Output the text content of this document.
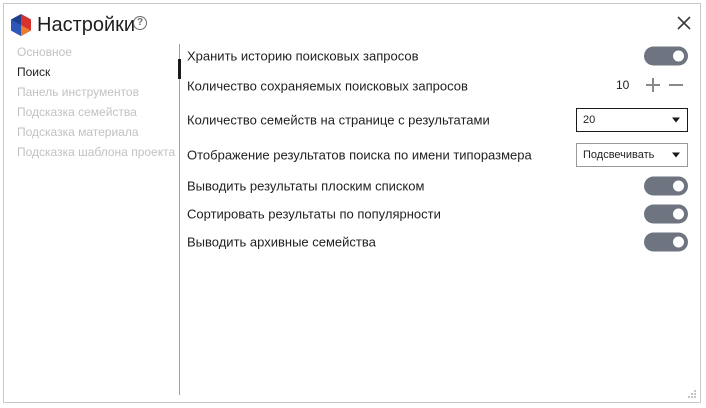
Настройки ?
Основное
Поиск
Панель инструментов
Подсказка семейства
Подсказка материала
Подсказка шаблона проекта
Хранить историю поисковых запросов
Количество сохраняемых поисковых запросов	10
Количество семейств на странице с результатами	20
Отображение результатов поиска по имени типоразмера	Подсвечивать
Выводить результаты плоским списком
Сортировать результаты по популярности
Выводить архивные семейства
